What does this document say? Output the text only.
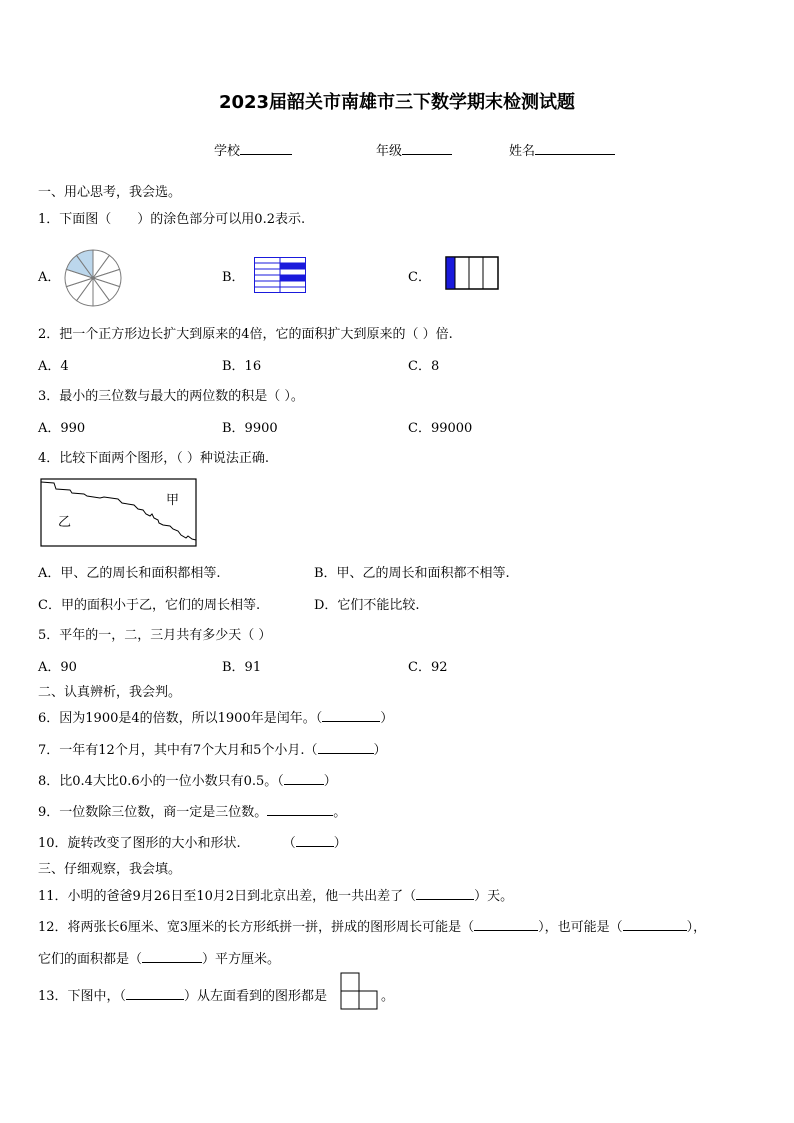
2023届韶关市南雄市三下数学期末检测试题
学校	年级	姓名
一、用心思考，我会选。
1．下面图（ ）的涂色部分可以用0.2表示.
A．	B．	C．
2．把一个正方形边长扩大到原来的4倍，它的面积扩大到原来的（ ）倍.
A．4	B．16	C．8
3．最小的三位数与最大的两位数的积是（ ）。
A．990	B．9900	C．99000
4．比较下面两个图形，（ ）种说法正确.
甲
乙
A．甲、乙的周长和面积都相等.	B．甲、乙的周长和面积都不相等.
C．甲的面积小于乙，它们的周长相等.	D．它们不能比较.
5．平年的一，二，三月共有多少天（ ）
A．90	B．91	C．92
二、认真辨析，我会判。
6．因为1900是4的倍数，所以1900年是闰年。（	）
7．一年有12个月，其中有7个大月和5个小月.（	）
8．比0.4大比0.6小的一位小数只有0.5。（	）
9．一位数除三位数，商一定是三位数。	。
10．旋转改变了图形的大小和形状.	（	）
三、仔细观察，我会填。
11．小明的爸爸9月26日至10月2日到北京出差，他一共出差了（	）天。
12．将两张长6厘米、宽3厘米的长方形纸拼一拼，拼成的图形周长可能是（	），也可能是（	），
它们的面积都是（	）平方厘米。
13．下图中，（	）从左面看到的图形都是	。
